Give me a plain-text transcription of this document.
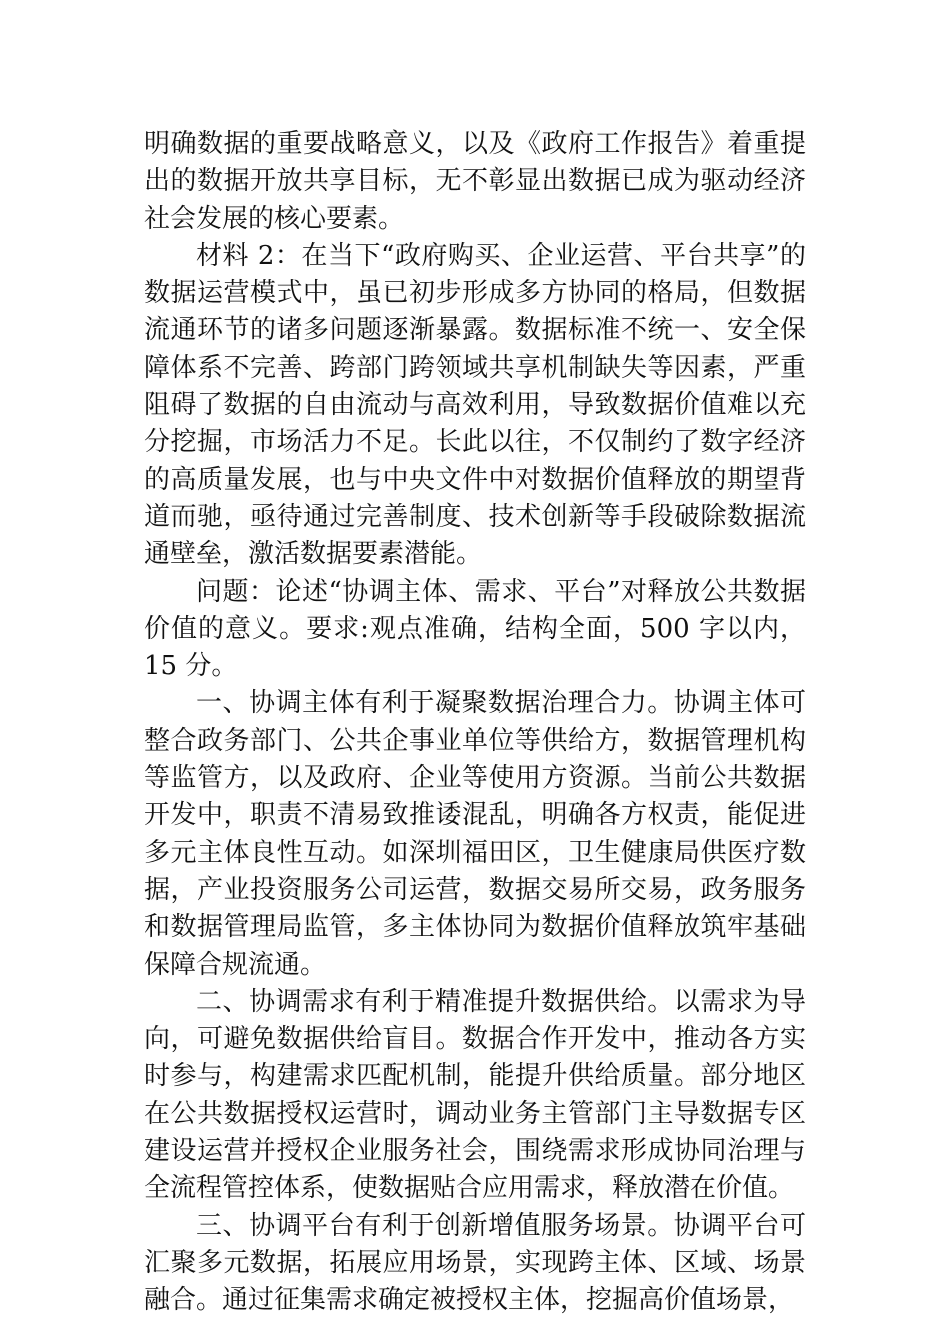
明确数据的重要战略意义，以及《政府工作报告》着重提出的数据开放共享目标，无不彰显出数据已成为驱动经济社会发展的核心要素。

材料 2：在当下“政府购买、企业运营、平台共享”的数据运营模式中，虽已初步形成多方协同的格局，但数据流通环节的诸多问题逐渐暴露。数据标准不统一、安全保障体系不完善、跨部门跨领域共享机制缺失等因素，严重阻碍了数据的自由流动与高效利用，导致数据价值难以充分挖掘，市场活力不足。长此以往，不仅制约了数字经济的高质量发展，也与中央文件中对数据价值释放的期望背道而驰，亟待通过完善制度、技术创新等手段破除数据流通壁垒，激活数据要素潜能。

问题：论述“协调主体、需求、平台”对释放公共数据价值的意义。要求:观点准确，结构全面，500 字以内，15 分。

一、协调主体有利于凝聚数据治理合力。协调主体可整合政务部门、公共企事业单位等供给方，数据管理机构等监管方，以及政府、企业等使用方资源。当前公共数据开发中，职责不清易致推诿混乱，明确各方权责，能促进多元主体良性互动。如深圳福田区，卫生健康局供医疗数据，产业投资服务公司运营，数据交易所交易，政务服务和数据管理局监管，多主体协同为数据价值释放筑牢基础保障合规流通。

二、协调需求有利于精准提升数据供给。以需求为导向，可避免数据供给盲目。数据合作开发中，推动各方实时参与，构建需求匹配机制，能提升供给质量。部分地区在公共数据授权运营时，调动业务主管部门主导数据专区建设运营并授权企业服务社会，围绕需求形成协同治理与全流程管控体系，使数据贴合应用需求，释放潜在价值。

三、协调平台有利于创新增值服务场景。协调平台可汇聚多元数据，拓展应用场景，实现跨主体、区域、场景融合。通过征集需求确定被授权主体，挖掘高价值场景，
